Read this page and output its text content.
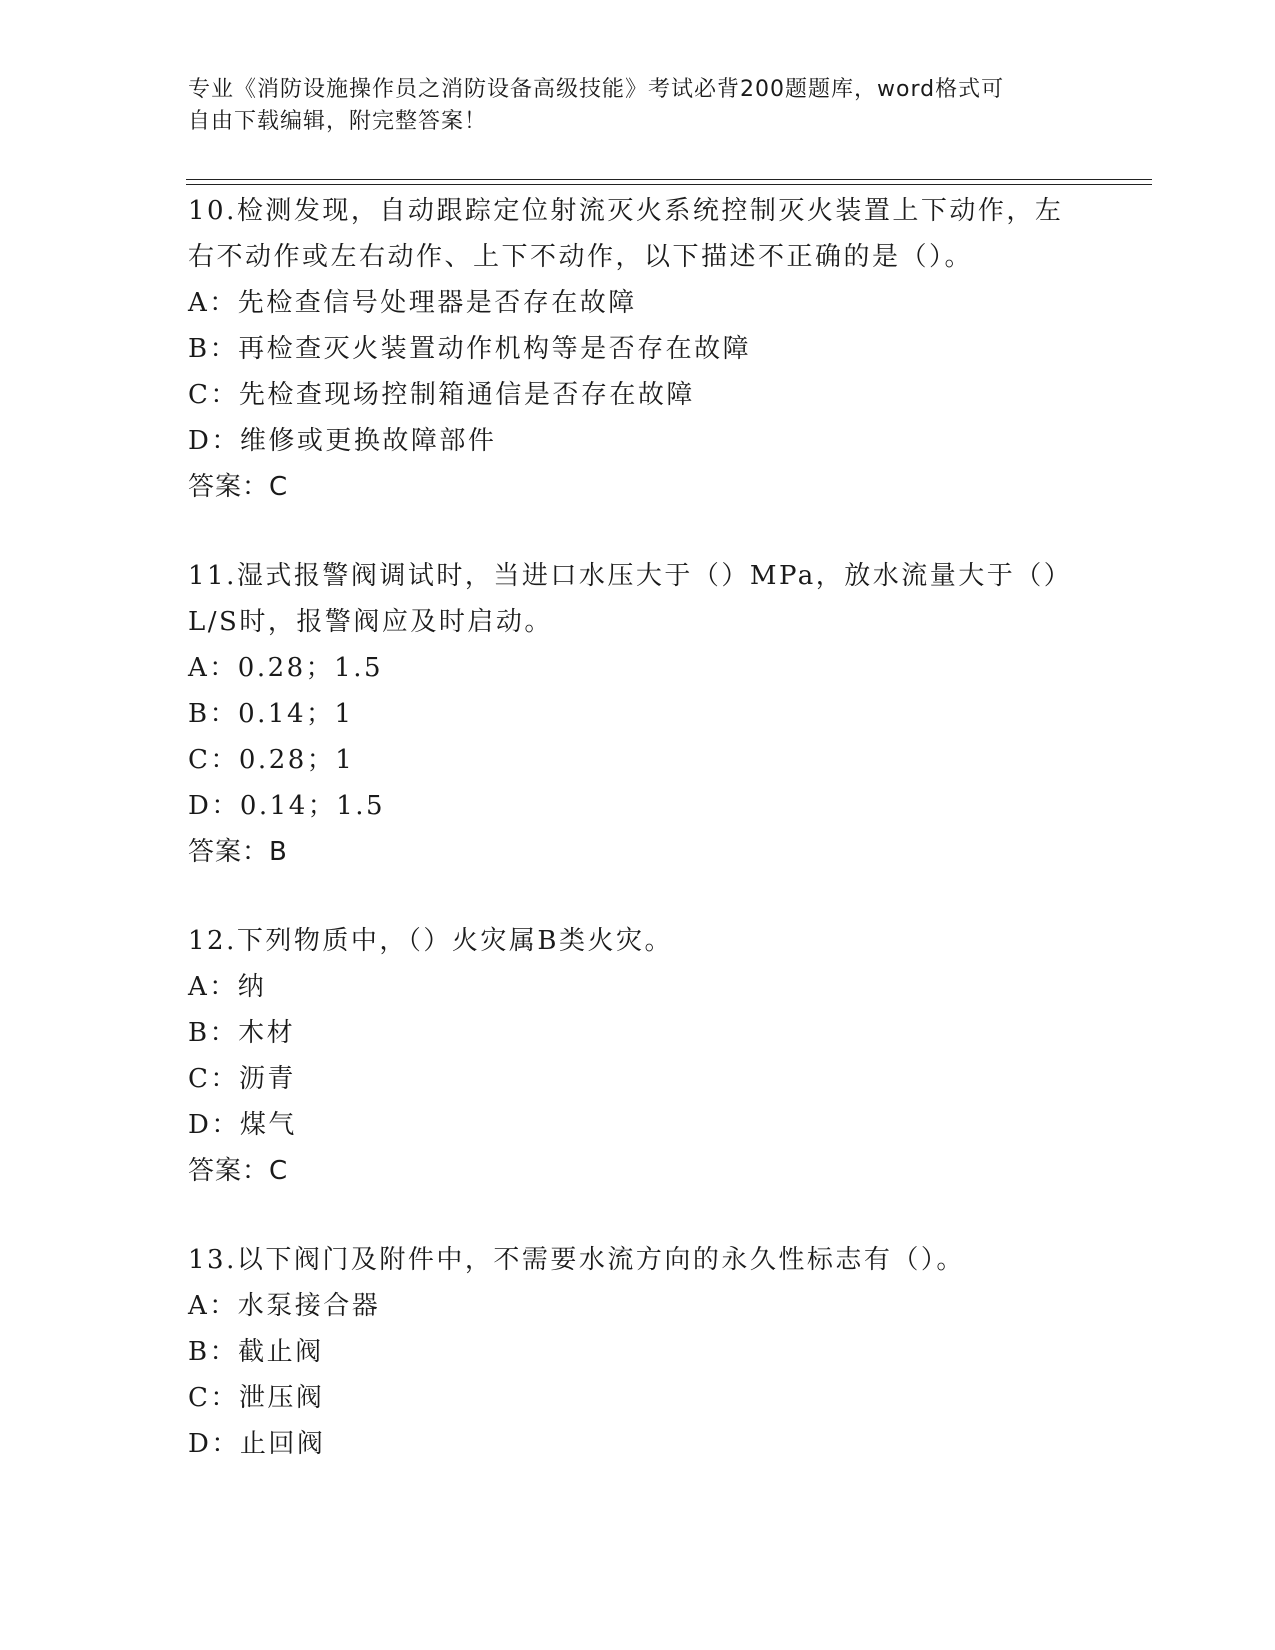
专业《消防设施操作员之消防设备高级技能》考试必背200题题库，word格式可
自由下载编辑，附完整答案！
10.检测发现，自动跟踪定位射流灭火系统控制灭火装置上下动作，左
右不动作或左右动作、上下不动作，以下描述不正确的是（）。
A：先检查信号处理器是否存在故障
B：再检查灭火装置动作机构等是否存在故障
C：先检查现场控制箱通信是否存在故障
D：维修或更换故障部件
答案：C
11.湿式报警阀调试时，当进口水压大于（）MPa，放水流量大于（）
L/S时，报警阀应及时启动。
A：0.28；1.5
B：0.14；1
C：0.28；1
D：0.14；1.5
答案：B
12.下列物质中，（）火灾属B类火灾。
A：纳
B：木材
C：沥青
D：煤气
答案：C
13.以下阀门及附件中，不需要水流方向的永久性标志有（）。
A：水泵接合器
B：截止阀
C：泄压阀
D：止回阀
